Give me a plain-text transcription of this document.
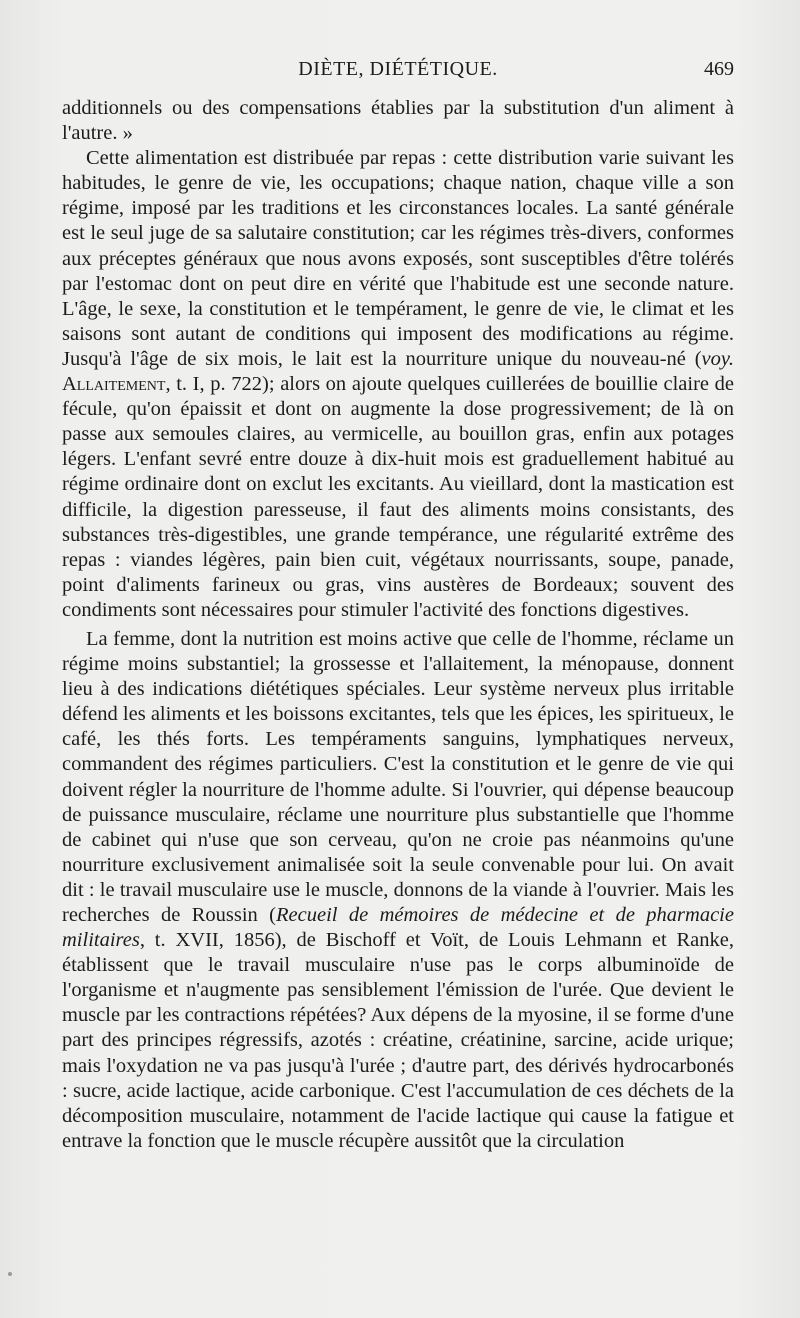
DIÈTE, DIÉTÉTIQUE.	469

additionnels ou des compensations établies par la substitution d'un aliment à l'autre. »

Cette alimentation est distribuée par repas : cette distribution varie suivant les habitudes, le genre de vie, les occupations; chaque nation, chaque ville a son régime, imposé par les traditions et les circonstances locales. La santé générale est le seul juge de sa salutaire constitution; car les régimes très-divers, conformes aux préceptes généraux que nous avons exposés, sont susceptibles d'être tolérés par l'estomac dont on peut dire en vérité que l'habitude est une seconde nature. L'âge, le sexe, la constitution et le tempérament, le genre de vie, le climat et les saisons sont autant de conditions qui imposent des modifications au régime. Jusqu'à l'âge de six mois, le lait est la nourriture unique du nouveau-né (voy. Allaitement, t. I, p. 722); alors on ajoute quelques cuillerées de bouillie claire de fécule, qu'on épaissit et dont on augmente la dose progressivement; de là on passe aux semoules claires, au vermicelle, au bouillon gras, enfin aux potages légers. L'enfant sevré entre douze à dix-huit mois est graduellement habitué au régime ordinaire dont on exclut les excitants. Au vieillard, dont la mastication est difficile, la digestion paresseuse, il faut des aliments moins consistants, des substances très-digestibles, une grande tempérance, une régularité extrême des repas : viandes légères, pain bien cuit, végétaux nourrissants, soupe, panade, point d'aliments farineux ou gras, vins austères de Bordeaux; souvent des condiments sont nécessaires pour stimuler l'activité des fonctions digestives.

La femme, dont la nutrition est moins active que celle de l'homme, réclame un régime moins substantiel; la grossesse et l'allaitement, la ménopause, donnent lieu à des indications diététiques spéciales. Leur système nerveux plus irritable défend les aliments et les boissons excitantes, tels que les épices, les spiritueux, le café, les thés forts. Les tempéraments sanguins, lymphatiques nerveux, commandent des régimes particuliers. C'est la constitution et le genre de vie qui doivent régler la nourriture de l'homme adulte. Si l'ouvrier, qui dépense beaucoup de puissance musculaire, réclame une nourriture plus substantielle que l'homme de cabinet qui n'use que son cerveau, qu'on ne croie pas néanmoins qu'une nourriture exclusivement animalisée soit la seule convenable pour lui. On avait dit : le travail musculaire use le muscle, donnons de la viande à l'ouvrier. Mais les recherches de Roussin (Recueil de mémoires de médecine et de pharmacie militaires, t. XVII, 1856), de Bischoff et Voït, de Louis Lehmann et Ranke, établissent que le travail musculaire n'use pas le corps albuminoïde de l'organisme et n'augmente pas sensiblement l'émission de l'urée. Que devient le muscle par les contractions répétées? Aux dépens de la myosine, il se forme d'une part des principes régressifs, azotés : créatine, créatinine, sarcine, acide urique; mais l'oxydation ne va pas jusqu'à l'urée ; d'autre part, des dérivés hydrocarbonés : sucre, acide lactique, acide carbonique. C'est l'accumulation de ces déchets de la décomposition musculaire, notamment de l'acide lactique qui cause la fatigue et entrave la fonction que le muscle récupère aussitôt que la circulation
